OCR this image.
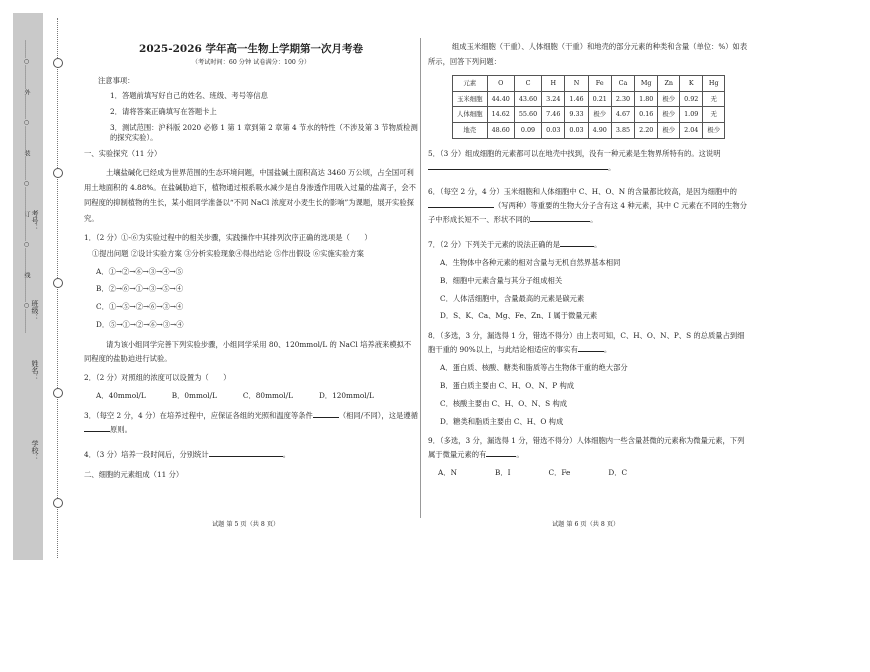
………○…………外…………○…………装…………○…………订…………○…………线…………○…………
学校：
姓名：
班级：
考号：
2025-2026 学年高一生物上学期第一次月考卷
（考试时间：60 分钟 试卷满分：100 分）
注意事项：
1．答题前填写好自己的姓名、班级、考号等信息
2．请将答案正确填写在答题卡上
3．测试范围：沪科版 2020 必修 1 第 1 章到第 2 章第 4 节水的特性（不涉及第 3 节物质检测的探究实验）。
一、实验探究（11 分）
土壤盐碱化已经成为世界范围的生态环境问题，中国盐碱土面积高达 3460 万公顷，占全国可利用土地面积的 4.88%。在盐碱胁迫下，植物通过根系吸水减少是自身渗透作用吸入过量的盐离子，会不同程度的抑制植物的生长，某小组同学准备以“不同 NaCl 浓度对小麦生长的影响”为课题，展开实验探究。
1．（2 分）①-⑥为实验过程中的相关步骤，实践操作中其排列次序正确的选项是（　　）
①提出问题 ②设计实验方案 ③分析实验现象④得出结论 ⑤作出假设 ⑥实施实验方案
A．①→②→⑥→③→④→⑤
B．②→⑥→①→③→⑤→④
C．①→⑤→②→⑥→③→④
D．⑤→①→②→⑥→③→④
请为该小组同学完善下列实验步骤，小组同学采用 80、120mmol/L 的 NaCl 培养液来模拟不同程度的盐胁迫进行试验。
2．（2 分）对照组的浓度可以设置为（　　）
A．40mmol/L	B．0mmol/L	C．80mmol/L	D．120mmol/L
3．（每空 2 分，4 分）在培养过程中，应保证各组的光照和温度等条件	（相同/不同），这是遵循原则。
4．（3 分）培养一段时间后，分别统计	。
二、细胞的元素组成（11 分）
试题 第 5 页（共 8 页）
组成玉米细胞（干重）、人体细胞（干重）和地壳的部分元素的种类和含量（单位：%）如表所示，回答下列问题：
元素	O	C	H	N	Fe	Ca	Mg	Zn	K	Hg
玉米细胞	44.40	43.60	3.24	1.46	0.21	2.30	1.80	极少	0.92	无
人体细胞	14.62	55.60	7.46	9.33	极少	4.67	0.16	极少	1.09	无
地壳	48.60	0.09	0.03	0.03	4.90	3.85	2.20	极少	2.04	极少
5．（3 分）组成细胞的元素都可以在地壳中找到，没有一种元素是生物界所特有的。这说明
。
6．（每空 2 分，4 分）玉米细胞和人体细胞中 C、H、O、N 的含量都比较高，是因为细胞中的（写两种）等重要的生物大分子含有这 4 种元素，其中 C 元素在不同的生物分子中形成长短不一、形状不同的	。
7．（2 分）下列关于元素的说法正确的是	。
A．生物体中各种元素的相对含量与无机自然界基本相同
B．细胞中元素含量与其分子组成相关
C．人体活细胞中，含量最高的元素是碳元素
D．S、K、Ca、Mg、Fe、Zn、I 属于微量元素
8．（多选，3 分，漏选得 1 分，错选不得分）由上表可知，C、H、O、N、P、S 的总质量占到细胞干重的 90%以上，与此结论相适应的事实有	。
A．蛋白质、核酸、糖类和脂质等占生物体干重的绝大部分
B．蛋白质主要由 C、H、O、N、P 构成
C．核酸主要由 C、H、O、N、S 构成
D．糖类和脂质主要由 C、H、O 构成
9．（多选，3 分，漏选得 1 分，错选不得分）人体细胞内一些含量甚微的元素称为微量元素，下列属于微量元素的有	。
A．N	B．I	C．Fe	D．C
试题 第 6 页（共 8 页）
